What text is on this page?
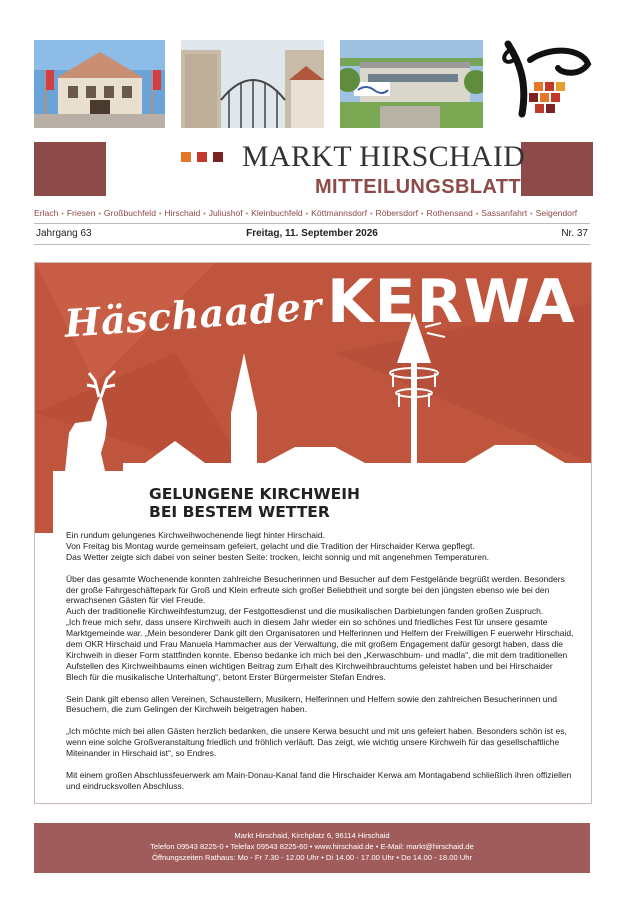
MARKT HIRSCHAID
MITTEILUNGSBLATT
Erlach • Friesen • Großbuchfeld • Hirschaid • Juliushof • Kleinbuchfeld • Köttmannsdorf • Röbersdorf • Rothensand • Sassanfahrt • Seigendorf
Jahrgang 63	Freitag, 11. September 2026	Nr. 37
Häschaader KERWA
GELUNGENE KIRCHWEIH
BEI BESTEM WETTER

Ein rundum gelungenes Kirchweihwochenende liegt hinter Hirschaid.
Von Freitag bis Montag wurde gemeinsam gefeiert, gelacht und die Tradition der Hirschaider Kerwa gepflegt.
Das Wetter zeigte sich dabei von seiner besten Seite: trocken, leicht sonnig und mit angenehmen Temperaturen.

Über das gesamte Wochenende konnten zahlreiche Besucherinnen und Besucher auf dem Festgelände begrüßt werden. Besonders der große Fahrgeschäftepark für Groß und Klein erfreute sich großer Beliebtheit und sorgte bei den jüngsten ebenso wie bei den erwachsenen Gästen für viel Freude.
Auch der traditionelle Kirchweihfestumzug, der Festgottesdienst und die musikalischen Darbietungen fanden großen Zuspruch.
„Ich freue mich sehr, dass unsere Kirchweih auch in diesem Jahr wieder ein so schönes und friedliches Fest für unsere gesamte Marktgemeinde war. „Mein besonderer Dank gilt den Organisatoren und Helferinnen und Helfern der Freiwilligen F euerwehr Hirschaid, dem OKR Hirschaid und Frau Manuela Hammacher aus der Verwaltung, die mit großem Engagement dafür gesorgt haben, dass die Kirchweih in dieser Form stattfinden konnte. Ebenso bedanke ich mich bei den „Kerwaschbum- und madla“, die mit dem traditionellen Aufstellen des Kirchweihbaums einen wichtigen Beitrag zum Erhalt des Kirchweihbrauchtums geleistet haben und bei Hirschaider Blech für die musikalische Unterhaltung“, betont Erster Bürgermeister Stefan Endres.

Sein Dank gilt ebenso allen Vereinen, Schaustellern, Musikern, Helferinnen und Helfern sowie den zahlreichen Besucherinnen und Besuchern, die zum Gelingen der Kirchweih beigetragen haben.

„Ich möchte mich bei allen Gästen herzlich bedanken, die unsere Kerwa besucht und mit uns gefeiert haben. Besonders schön ist es, wenn eine solche Großveranstaltung friedlich und fröhlich verläuft. Das zeigt, wie wichtig unsere Kirchweih für das gesellschaftliche Miteinander in Hirschaid ist“, so Endres.

Mit einem großen Abschlussfeuerwerk am Main-Donau-Kanal fand die Hirschaider Kerwa am Montagabend schließlich ihren offiziellen und eindrucksvollen Abschluss.

Markt Hirschaid, Kirchplatz 6, 96114 Hirschaid
Telefon 09543 8225-0 • Telefax 09543 8225-60 • www.hirschaid.de • E-Mail: markt@hirschaid.de
Öffnungszeiten Rathaus: Mo - Fr 7.30 - 12.00 Uhr • Di 14.00 - 17.00 Uhr • Do 14.00 - 18.00 Uhr
